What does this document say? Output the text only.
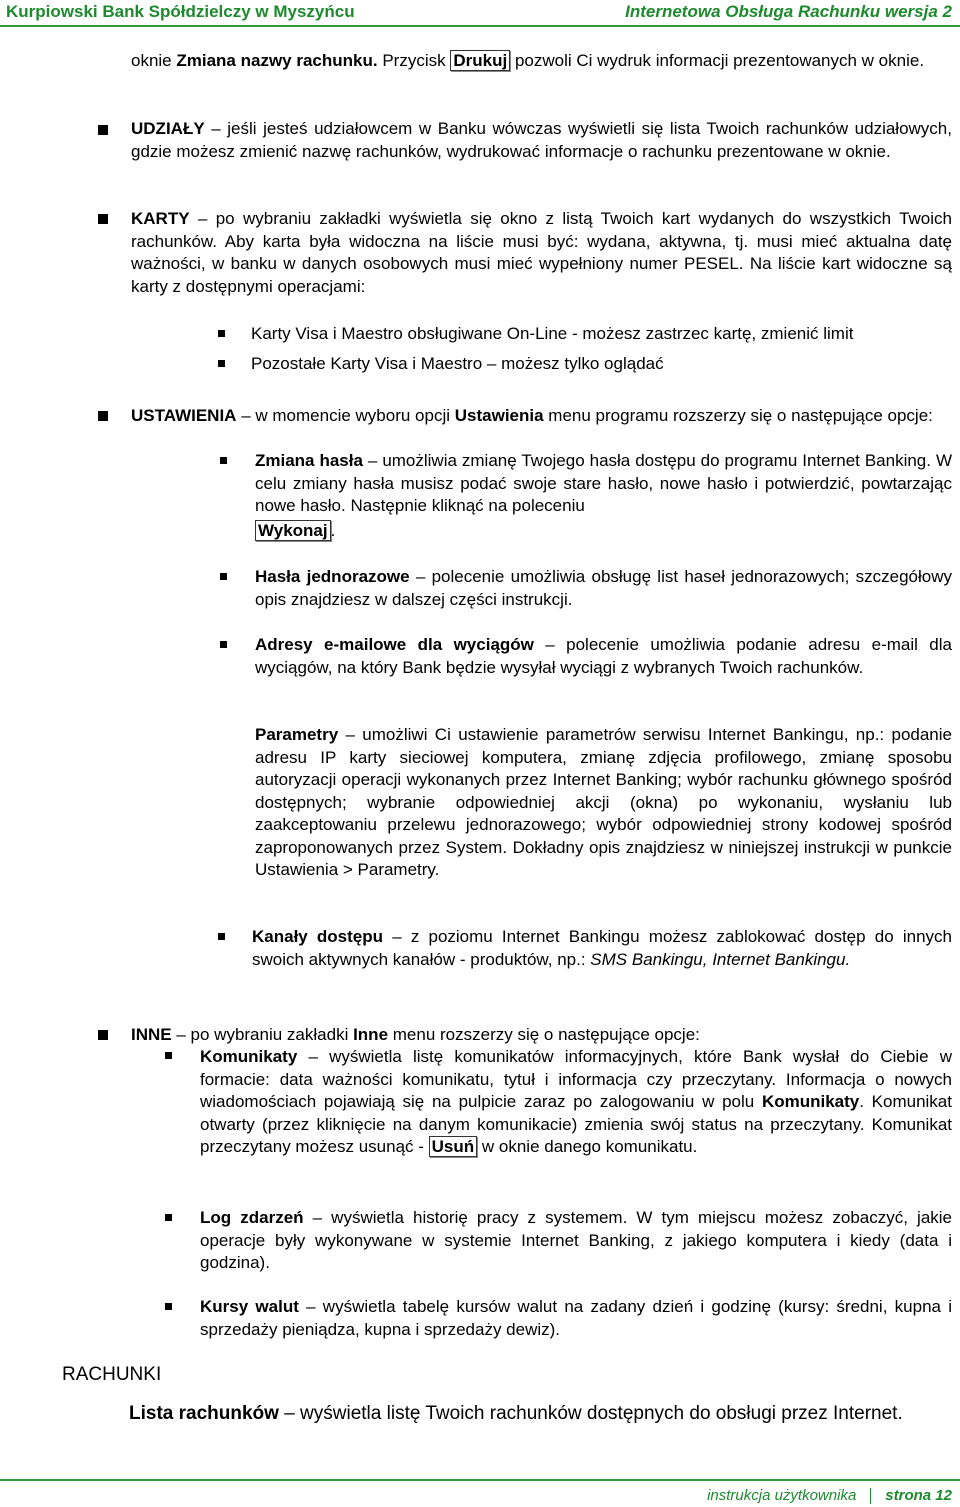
Kurpiowski Bank Spółdzielczy w Myszyńcu	Internetowa Obsługa Rachunku wersja 2
oknie Zmiana nazwy rachunku. Przycisk Drukuj pozwoli Ci wydruk informacji prezentowanych w oknie.
UDZIAŁY – jeśli jesteś udziałowcem w Banku wówczas wyświetli się lista Twoich rachunków udziałowych, gdzie możesz zmienić nazwę rachunków, wydrukować informacje o rachunku prezentowane w oknie.
KARTY – po wybraniu zakładki wyświetla się okno z listą Twoich kart wydanych do wszystkich Twoich rachunków. Aby karta była widoczna na liście musi być: wydana, aktywna, tj. musi mieć aktualna datę ważności, w banku w danych osobowych musi mieć wypełniony numer PESEL. Na liście kart widoczne są karty z dostępnymi operacjami:
Karty Visa i Maestro obsługiwane On-Line - możesz zastrzec kartę, zmienić limit
Pozostałe Karty Visa i Maestro – możesz tylko oglądać
USTAWIENIA – w momencie wyboru opcji Ustawienia menu programu rozszerzy się o następujące opcje:
Zmiana hasła – umożliwia zmianę Twojego hasła dostępu do programu Internet Banking. W celu zmiany hasła musisz podać swoje stare hasło, nowe hasło i potwierdzić, powtarzając nowe hasło. Następnie kliknąć na poleceniu
Wykonaj .
Hasła jednorazowe – polecenie umożliwia obsługę list haseł jednorazowych; szczegółowy opis znajdziesz w dalszej części instrukcji.
Adresy e-mailowe dla wyciągów – polecenie umożliwia podanie adresu e-mail dla wyciągów, na który Bank będzie wysyłał wyciągi z wybranych Twoich rachunków.
Parametry – umożliwi Ci ustawienie parametrów serwisu Internet Bankingu, np.: podanie adresu IP karty sieciowej komputera, zmianę zdjęcia profilowego, zmianę sposobu autoryzacji operacji wykonanych przez Internet Banking; wybór rachunku głównego spośród dostępnych; wybranie odpowiedniej akcji (okna) po wykonaniu, wysłaniu lub zaakceptowaniu przelewu jednorazowego; wybór odpowiedniej strony kodowej spośród zaproponowanych przez System. Dokładny opis znajdziesz w niniejszej instrukcji w punkcie Ustawienia > Parametry.
Kanały dostępu – z poziomu Internet Bankingu możesz zablokować dostęp do innych swoich aktywnych kanałów - produktów, np.: SMS Bankingu, Internet Bankingu.
INNE – po wybraniu zakładki Inne menu rozszerzy się o następujące opcje:
Komunikaty – wyświetla listę komunikatów informacyjnych, które Bank wysłał do Ciebie w formacie: data ważności komunikatu, tytuł i informacja czy przeczytany. Informacja o nowych wiadomościach pojawiają się na pulpicie zaraz po zalogowaniu w polu Komunikaty. Komunikat otwarty (przez kliknięcie na danym komunikacie) zmienia swój status na przeczytany. Komunikat przeczytany możesz usunąć - Usuń w oknie danego komunikatu.
Log zdarzeń – wyświetla historię pracy z systemem. W tym miejscu możesz zobaczyć, jakie operacje były wykonywane w systemie Internet Banking, z jakiego komputera i kiedy (data i godzina).
Kursy walut – wyświetla tabelę kursów walut na zadany dzień i godzinę (kursy: średni, kupna i sprzedaży pieniądza, kupna i sprzedaży dewiz).
RACHUNKI
Lista rachunków – wyświetla listę Twoich rachunków dostępnych do obsługi przez Internet.
instrukcja użytkownika strona 12
